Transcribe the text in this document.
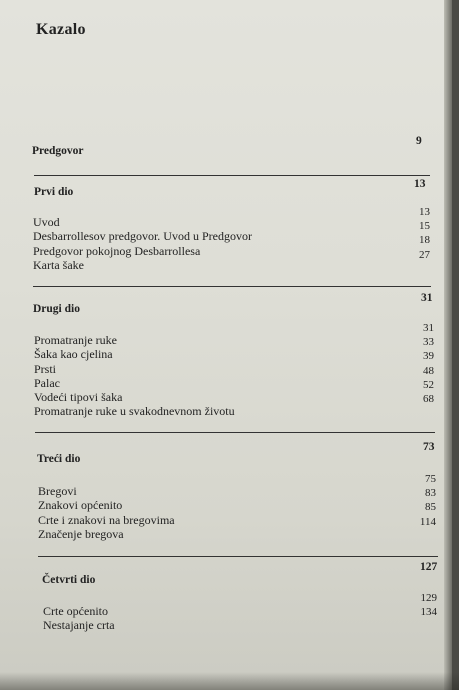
Kazalo
9
Predgovor
13
Prvi dio
Uvod
Desbarrollesov predgovor. Uvod u Predgovor
Predgovor pokojnog Desbarrollesa
Karta šake
13
15
18
27
31
Drugi dio
Promatranje ruke
Šaka kao cjelina
Prsti
Palac
Vodeći tipovi šaka
Promatranje ruke u svakodnevnom životu
31
33
39
48
52
68
73
Treći dio
Bregovi
Znakovi općenito
Crte i znakovi na bregovima
Značenje bregova
75
83
85
114
127
Četvrti dio
Crte općenito
Nestajanje crta
129
134
